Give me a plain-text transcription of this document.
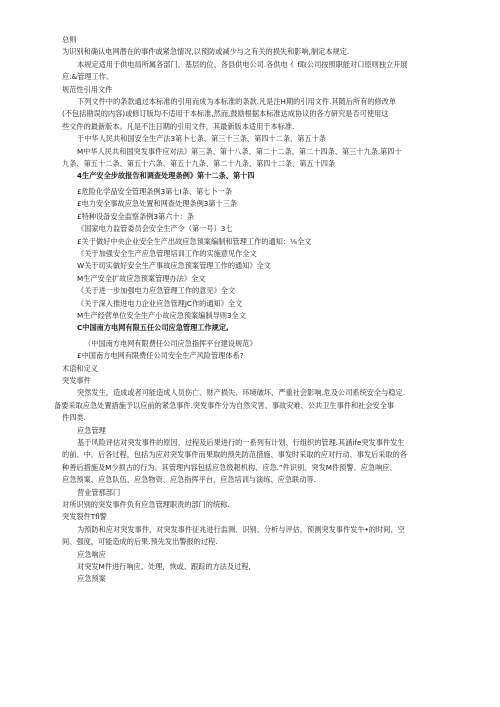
总则
为识别和确认电网潜在的事件或紧急情况,以预防或减少与之有关的损失和影响,制定本规定.
本规定适用于供电局所属各部门、基层的位、各县供电公司.各供电 亻f取公司按照职能对口原则独立开展
应:&管理工作。
规范性引用文件
下列文件中的条款通过本标准的引用而成为本标准的条款.凡是注H期的引用文件.其随后所有的修改单
(不包括勘误的内容)或修订版均不适用于本标准,然而,鼓励根据本标准达成协议的各方研究是否可使用这
些文件的最新版本。凡是不注日期的引用文件，其最新版本适用于本标准.
于中华人民共和国安全生产法3第卜七条、第三十三条、第四十二条、第五十条
M中华人民共和国突发事件应对法》第三条、第十八条、第二十二条、第二十四条、第三十九条.第四十
九条、第五十二条、第五十六条、第五十九条、第二十九条、第四十二条、第五十四条
4生产安全步故报告和调查处理条例》第十二条、第十四
£危险化学品安全管理条例3第七I条、第七卜一条
£电力安全事故应急处置和网查处理条例3第十三条
£特种设备安全监察条例3第六十：条
《国家电力监管委员会安全生产令（第一号）3七
£关于做好中央企业安全生产出故应急预案编制和管理工作的通知：⅛全文
《关于加强安全生产应急管理培训工作的实施意见作全文
W关于切实做好安全生产事故应急预案管理工作的通知》全文
M生产安全扩故应急预案管理办法》全文
《关于进一步加强电力应急管理工作的意见》全文
《关于深入推进电力企业应急管理JC作的通知》全文
M生产经营单位安全生产小故应急预案编制导则3全文
C中国南方电网有限五任公司应急管理工作规定,
（中国南方电网有限费任公司应急指挥平台建设规范》
£中国南方电网有限费任公司安全生产风险管理体系?
术语和定义
突发事件
突然发生，造成或者可能造成人员伤亡、财产损失、环境破坏、严重社会影响.危及公司系统安全与稳定.
备要采取应急处置措施予以应前的紧急事件.突发事件分为自然灾害、事故灾难、公共卫生事件和社会安全事
件四类.
应急管理
基于风险评估对突发事件的原因、过程及后果进行的一系列有计划、行组织的管理.其涵ife突发事件发生
的前、中、后各过程，包括为应对突发事件而果取的预先防范措施、事发时采取的应对行动、事发后采取的各
种善后措施及M少损古的行为。其管理内容包括应急级耜机构、应急.”件识别、突发M件预警、应急响应、
应急预案、应急队伍、应急物资、应急指挥平台、应急培训与演练、应急联动等.
营业管那部门
对所识别的突发事件负有应急管理职责的部门的统称.
突发裂件Tfl警
为预防和应对突发事件，对突发事件征兆进行监测、识别、分析与评估，预测突发事件发牛•的时间、空
间、强度，可能造成的后果.预先发出警报的过程.
应急响应
对突发M件进行响应、处理，恢或、跟踪的方法及过程,
应急预案
